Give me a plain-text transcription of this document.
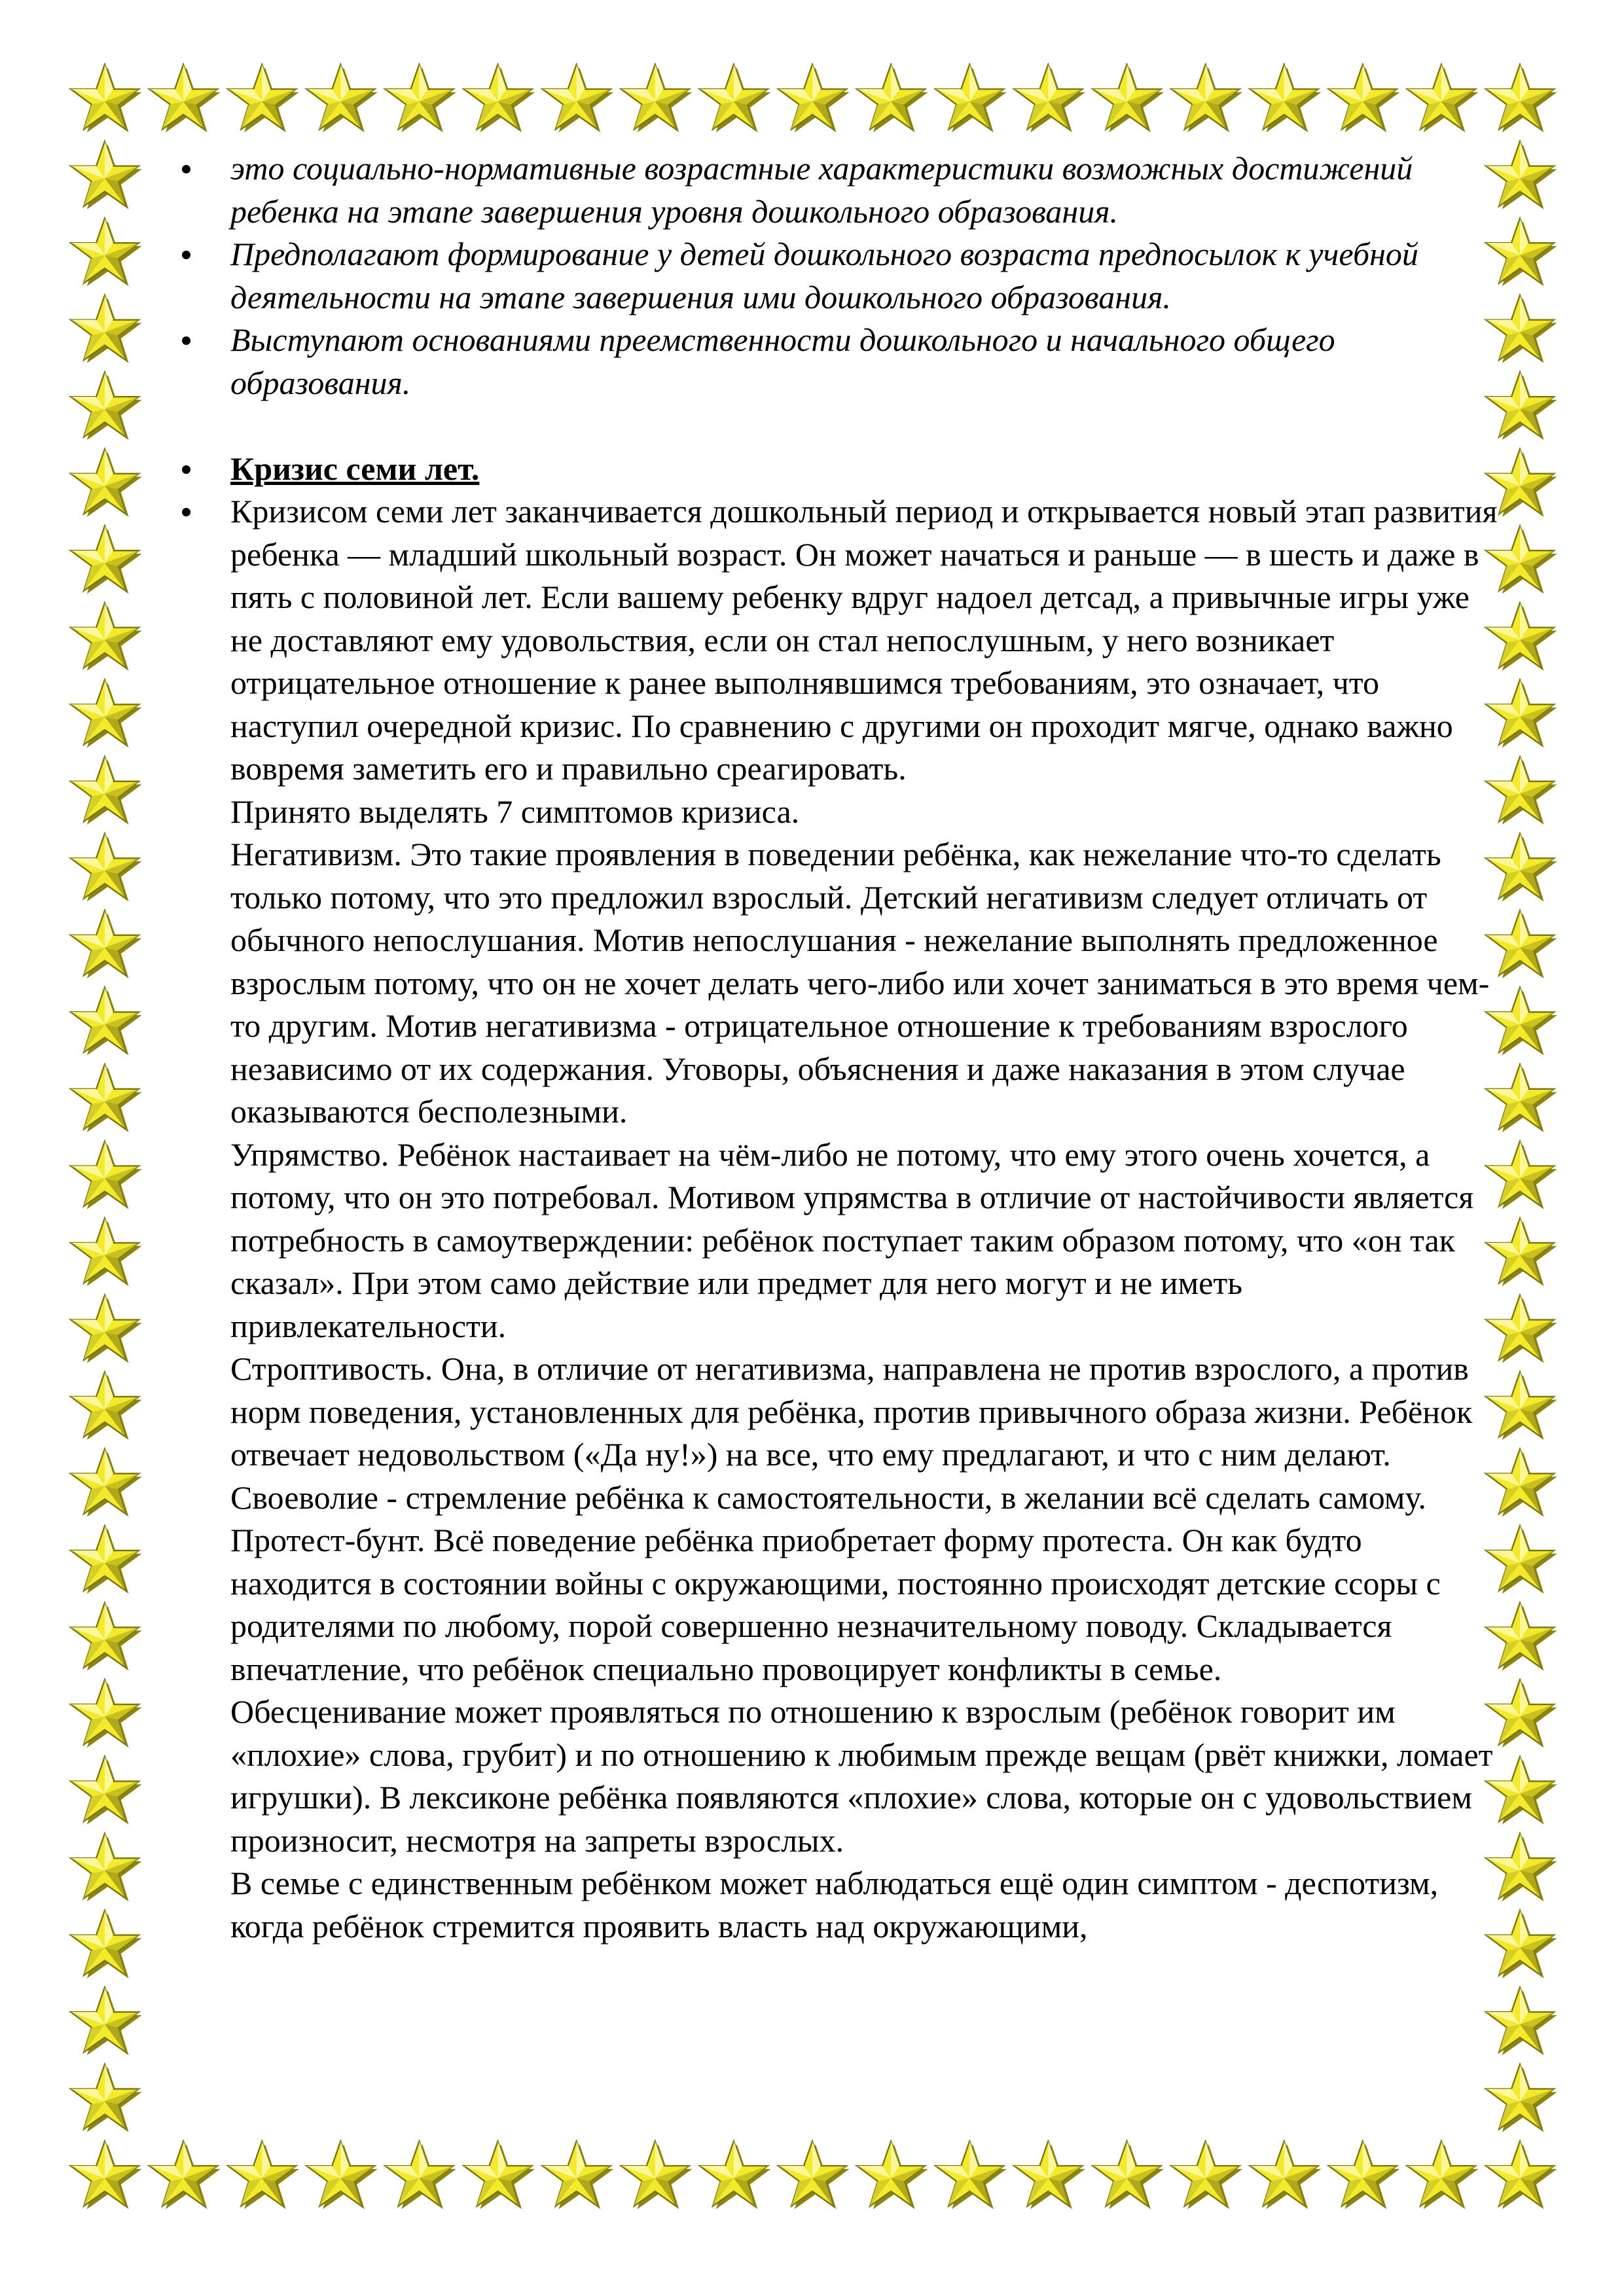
это социально-нормативные возрастные характеристики возможных достижений ребенка на этапе завершения уровня дошкольного образования.
Предполагают формирование у детей дошкольного возраста предпосылок к учебной деятельности на этапе завершения ими дошкольного образования.
Выступают основаниями преемственности дошкольного и начального общего образования.
Кризис семи лет.
Кризисом семи лет заканчивается дошкольный период и открывается новый этап развития ребенка — младший школьный возраст. Он может начаться и раньше — в шесть и даже в пять с половиной лет. Если вашему ребенку вдруг надоел детсад, а привычные игры уже не доставляют ему удовольствия, если он стал непослушным, у него возникает отрицательное отношение к ранее выполнявшимся требованиям, это означает, что наступил очередной кризис. По сравнению с другими он проходит мягче, однако важно вовремя заметить его и правильно среагировать.
Принято выделять 7 симптомов кризиса.
Негативизм. Это такие проявления в поведении ребёнка, как нежелание что-то сделать только потому, что это предложил взрослый. Детский негативизм следует отличать от обычного непослушания. Мотив непослушания - нежелание выполнять предложенное взрослым потому, что он не хочет делать чего-либо или хочет заниматься в это время чем-то другим. Мотив негативизма - отрицательное отношение к требованиям взрослого независимо от их содержания. Уговоры, объяснения и даже наказания в этом случае оказываются бесполезными.
Упрямство. Ребёнок настаивает на чём-либо не потому, что ему этого очень хочется, а потому, что он это потребовал. Мотивом упрямства в отличие от настойчивости является потребность в самоутверждении: ребёнок поступает таким образом потому, что «он так сказал». При этом само действие или предмет для него могут и не иметь привлекательности.
Строптивость. Она, в отличие от негативизма, направлена не против взрослого, а против норм поведения, установленных для ребёнка, против привычного образа жизни. Ребёнок отвечает недовольством («Да ну!») на все, что ему предлагают, и что с ним делают.
Своеволие - стремление ребёнка к самостоятельности, в желании всё сделать самому.
Протест-бунт. Всё поведение ребёнка приобретает форму протеста. Он как будто находится в состоянии войны с окружающими, постоянно происходят детские ссоры с родителями по любому, порой совершенно незначительному поводу. Складывается впечатление, что ребёнок специально провоцирует конфликты в семье.
Обесценивание может проявляться по отношению к взрослым (ребёнок говорит им «плохие» слова, грубит) и по отношению к любимым прежде вещам (рвёт книжки, ломает игрушки). В лексиконе ребёнка появляются «плохие» слова, которые он с удовольствием произносит, несмотря на запреты взрослых.
В семье с единственным ребёнком может наблюдаться ещё один симптом - деспотизм, когда ребёнок стремится проявить власть над окружающими,
